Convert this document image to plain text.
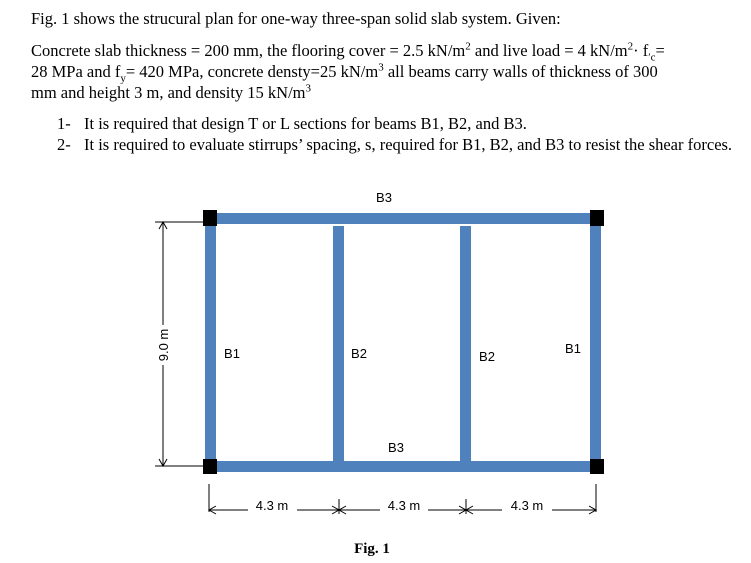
Fig. 1 shows the strucural plan for one-way three-span solid slab system. Given:
Concrete slab thickness = 200 mm, the flooring cover = 2.5 $kN/m^2$ and live load = 4 $kN/m^2\cdot f_{'c}=$
28 MPa and $f_y= 420$ MPa, concrete densty=25 $kN/m^3$ all beams carry walls of thickness of 300
mm and height 3 m, and density 15 $kN/m^3$
1- It is required that design T or L sections for beams B1, B2, and B3.
2- It is required to evaluate stirrups’ spacing, s, required for B1, B2, and B3 to resist the shear forces.
9.0 m
B3
B3
B1	B1
B2	B2
4.3 m	4.3 m	4.3 m
Fig. 1
